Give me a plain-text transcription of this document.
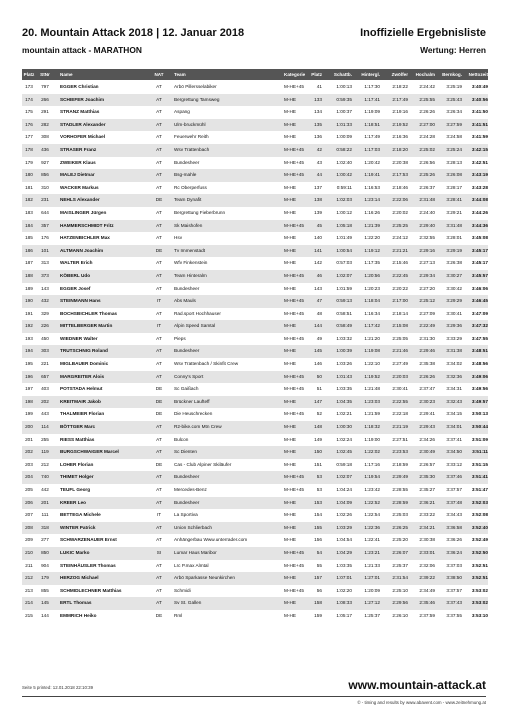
20. Mountain Attack 2018 | 12. Januar 2018	Inoffizielle Ergebnisliste
mountain attack - MARATHON	Wertung: Herren
Platz	StNr	Name	NAT	Team	Kategorie	Platz	Schattb.	Hintergl.	Zwölfer	Hochalm	Bernkog.	Nettozeit
173	797	EGGER Christian	AT	Arbö Pillersselabiker	M-HE+45	41	1:00:13	1:17:30	2:18:22	2:24:42	3:25:19	3:40:49
174	266	SCHIEFER Joachim	AT	Bergrettung Tamsweg	M-HE	133	0:59:35	1:17:41	2:17:49	2:25:55	3:25:43	3:40:56
175	291	STRANZ Matthias	AT	Aspang	M-HE	134	1:00:37	1:19:09	2:19:16	2:26:26	3:26:34	3:41:50
176	282	STADLER Alexander	AT	Ulm-bruckmühl	M-HE	135	1:01:33	1:18:51	2:19:52	2:27:00	3:27:59	3:41:51
177	308	VORHOFER Michael	AT	Feuerwehr Reith	M-HE	136	1:00:09	1:17:49	2:16:36	2:24:28	3:24:58	3:41:59
178	436	STRASER Franz	AT	Wsv Trattenbach	M-HE+45	42	0:58:22	1:17:03	2:18:20	2:25:02	3:25:24	3:42:15
179	927	ZWEIKER Klaus	AT	Bundesheer	M-HE+45	43	1:02:40	1:20:42	2:20:38	2:26:56	3:28:13	3:42:51
180	856	MALEJ Dietmar	AT	Bsg-mahle	M-HE+45	44	1:00:42	1:19:41	2:17:53	2:25:26	3:26:08	3:43:19
181	310	WACKER Markus	AT	Rc Oberperfuss	M-HE	137	0:59:11	1:16:53	2:18:46	2:26:37	3:28:17	3:43:28
182	231	NEHLS Alexander	DE	Team Dynafit	M-HE	138	1:02:03	1:23:14	2:22:06	2:31:48	3:28:41	3:44:08
183	644	MAISLINGER Jürgen	AT	Bergrettung Fieberbrunn	M-HE	139	1:00:12	1:16:26	2:20:02	2:24:40	3:29:21	3:44:26
184	357	HAMMERSCHMIDT Fritz	AT	Sk Maishofen	M-HE+45	45	1:05:18	1:21:39	2:25:25	2:29:40	3:31:48	3:44:36
185	176	HATZENBICHLER Max	AT	Hsv	M-HE	140	1:01:49	1:22:20	2:24:12	2:32:55	3:28:01	3:45:08
186	101	ALTMANN Joachim	DE	Tv Immenstadt	M-HE	141	1:00:54	1:19:12	2:21:21	2:29:16	3:29:19	3:45:17
187	313	WALTER Erich	AT	Wfv Finkenstein	M-HE	142	0:57:03	1:17:35	2:15:46	2:27:13	3:26:38	3:45:17
188	373	KÖBERL Udo	AT	Team Hinteralm	M-HE+45	46	1:02:07	1:20:56	2:22:45	2:29:34	3:30:27	3:45:57
189	143	EGGER Josef	AT	Bundesheer	M-HE	143	1:01:59	1:20:23	2:20:22	2:27:20	3:30:42	3:46:06
190	432	STEINMANN Hans	IT	Abs Mauls	M-HE+45	47	0:59:13	1:18:04	2:17:00	2:25:12	3:29:29	3:46:45
191	329	BOCHSBICHLER Thomas	AT	Rad.sport Hochhauser	M-HE+45	48	0:58:51	1:16:34	2:18:14	2:27:09	3:30:41	3:47:09
192	226	MITTELBERGER Martin	IT	Alpin Speed Samtal	M-HE	144	0:58:49	1:17:42	2:15:08	2:22:49	3:29:36	3:47:32
193	450	WIEDNER Walter	AT	Pieps	M-HE+45	49	1:03:32	1:21:20	2:25:05	2:31:30	3:33:29	3:47:55
194	303	TRUTSCHNIG Roland	AT	Bundesheer	M-HE	145	1:00:39	1:19:08	2:21:46	2:29:46	3:31:38	3:48:51
195	221	MIGLBAUER Dominic	AT	Wsv Trattenbach / Skinfit Crew	M-HE	146	1:03:26	1:22:10	2:27:49	2:35:38	3:34:02	3:48:56
196	657	MARGREITER Alois	AT	Conny's Sport	M-HE+45	50	1:01:43	1:19:52	2:20:03	2:26:26	3:32:36	3:49:06
197	403	POTSTADA Helmut	DE	Sc Gaißach	M-HE+45	51	1:03:35	1:21:48	2:30:41	2:37:47	3:34:31	3:49:56
198	202	KREITMAIR Jakob	DE	Brückner Laufteff	M-HE	147	1:04:35	1:23:03	2:22:55	2:30:23	3:32:43	3:49:57
199	443	THALMEIER Florian	DE	Die Heuschrecken	M-HE+45	52	1:02:21	1:21:59	2:22:18	2:29:41	3:34:15	3:50:13
200	114	BÖTTGER Marc	AT	R2-bike.com Mtn Crew	M-HE	148	1:00:30	1:18:32	2:21:19	2:29:43	3:34:01	3:50:44
201	255	RIESS Matthias	AT	Bulcon	M-HE	149	1:02:24	1:19:00	2:27:51	2:34:26	3:37:41	3:51:09
202	119	BURGSCHWAIGER Marcel	AT	Sc Dienten	M-HE	150	1:02:45	1:22:02	2:23:53	2:30:49	3:34:50	3:51:11
203	212	LOHER Florian	DE	Cas - Club Alpiner Skiläufer	M-HE	151	0:59:18	1:17:16	2:18:59	2:26:57	3:33:12	3:51:15
204	740	THIMET Holger	AT	Bundesheer	M-HE+45	53	1:02:07	1:19:54	2:29:49	2:35:30	3:37:46	3:51:41
205	442	TEUFL Georg	AT	Mercedes-Benz	M-HE+45	53	1:04:24	1:23:42	2:28:55	2:35:27	3:37:57	3:51:47
206	201	KREER Leo	AT	Bundesheer	M-HE	153	1:04:09	1:22:52	2:28:59	2:36:21	3:37:48	3:52:03
207	111	BETTEGA Michele	IT	La Sportiva	M-HE	154	1:02:26	1:22:54	2:25:03	2:33:22	3:34:43	3:52:08
208	318	WINTER Patrick	AT	Union Schlierbach	M-HE	155	1:03:29	1:22:36	2:26:25	2:34:21	3:36:58	3:52:40
209	277	SCHWARZENAUER Ernst	AT	Anhängerbau Www.unterrader.com	M-HE	156	1:04:54	1:22:41	2:25:20	2:30:38	3:36:26	3:52:49
210	850	LUKIC Marko	SI	Lumar Haus Maribor	M-HE+45	54	1:04:29	1:23:21	2:26:07	2:33:01	3:36:24	3:52:50
211	904	STEINHÄUSLER Thomas	AT	Lrc P.max Almtal	M-HE+45	55	1:03:35	1:21:33	2:25:37	2:32:06	3:37:03	3:52:51
212	179	HERZOG Michael	AT	Arbö Sparkasse Neunkirchen	M-HE	157	1:07:01	1:27:01	2:31:54	2:39:22	3:38:50	3:52:51
213	855	SCHMIDLECHNER Matthias	AT	Schmidi	M-HE+45	56	1:02:20	1:20:09	2:25:10	2:34:49	3:37:57	3:53:02
214	145	ERTL Thomas	AT	Sv St. Gallen	M-HE	158	1:08:33	1:27:12	2:29:56	2:35:46	3:37:43	3:53:02
215	144	EMMRICH Heiko	DE	Rml	M-HE	159	1:05:17	1:25:37	2:26:10	2:37:59	3:37:55	3:53:10
Seite 5 printed: 12.01.2018 22:10:39	www.mountain-attack.at
© - timing and results by www.abavent.com - www.zeitnehmung.at
